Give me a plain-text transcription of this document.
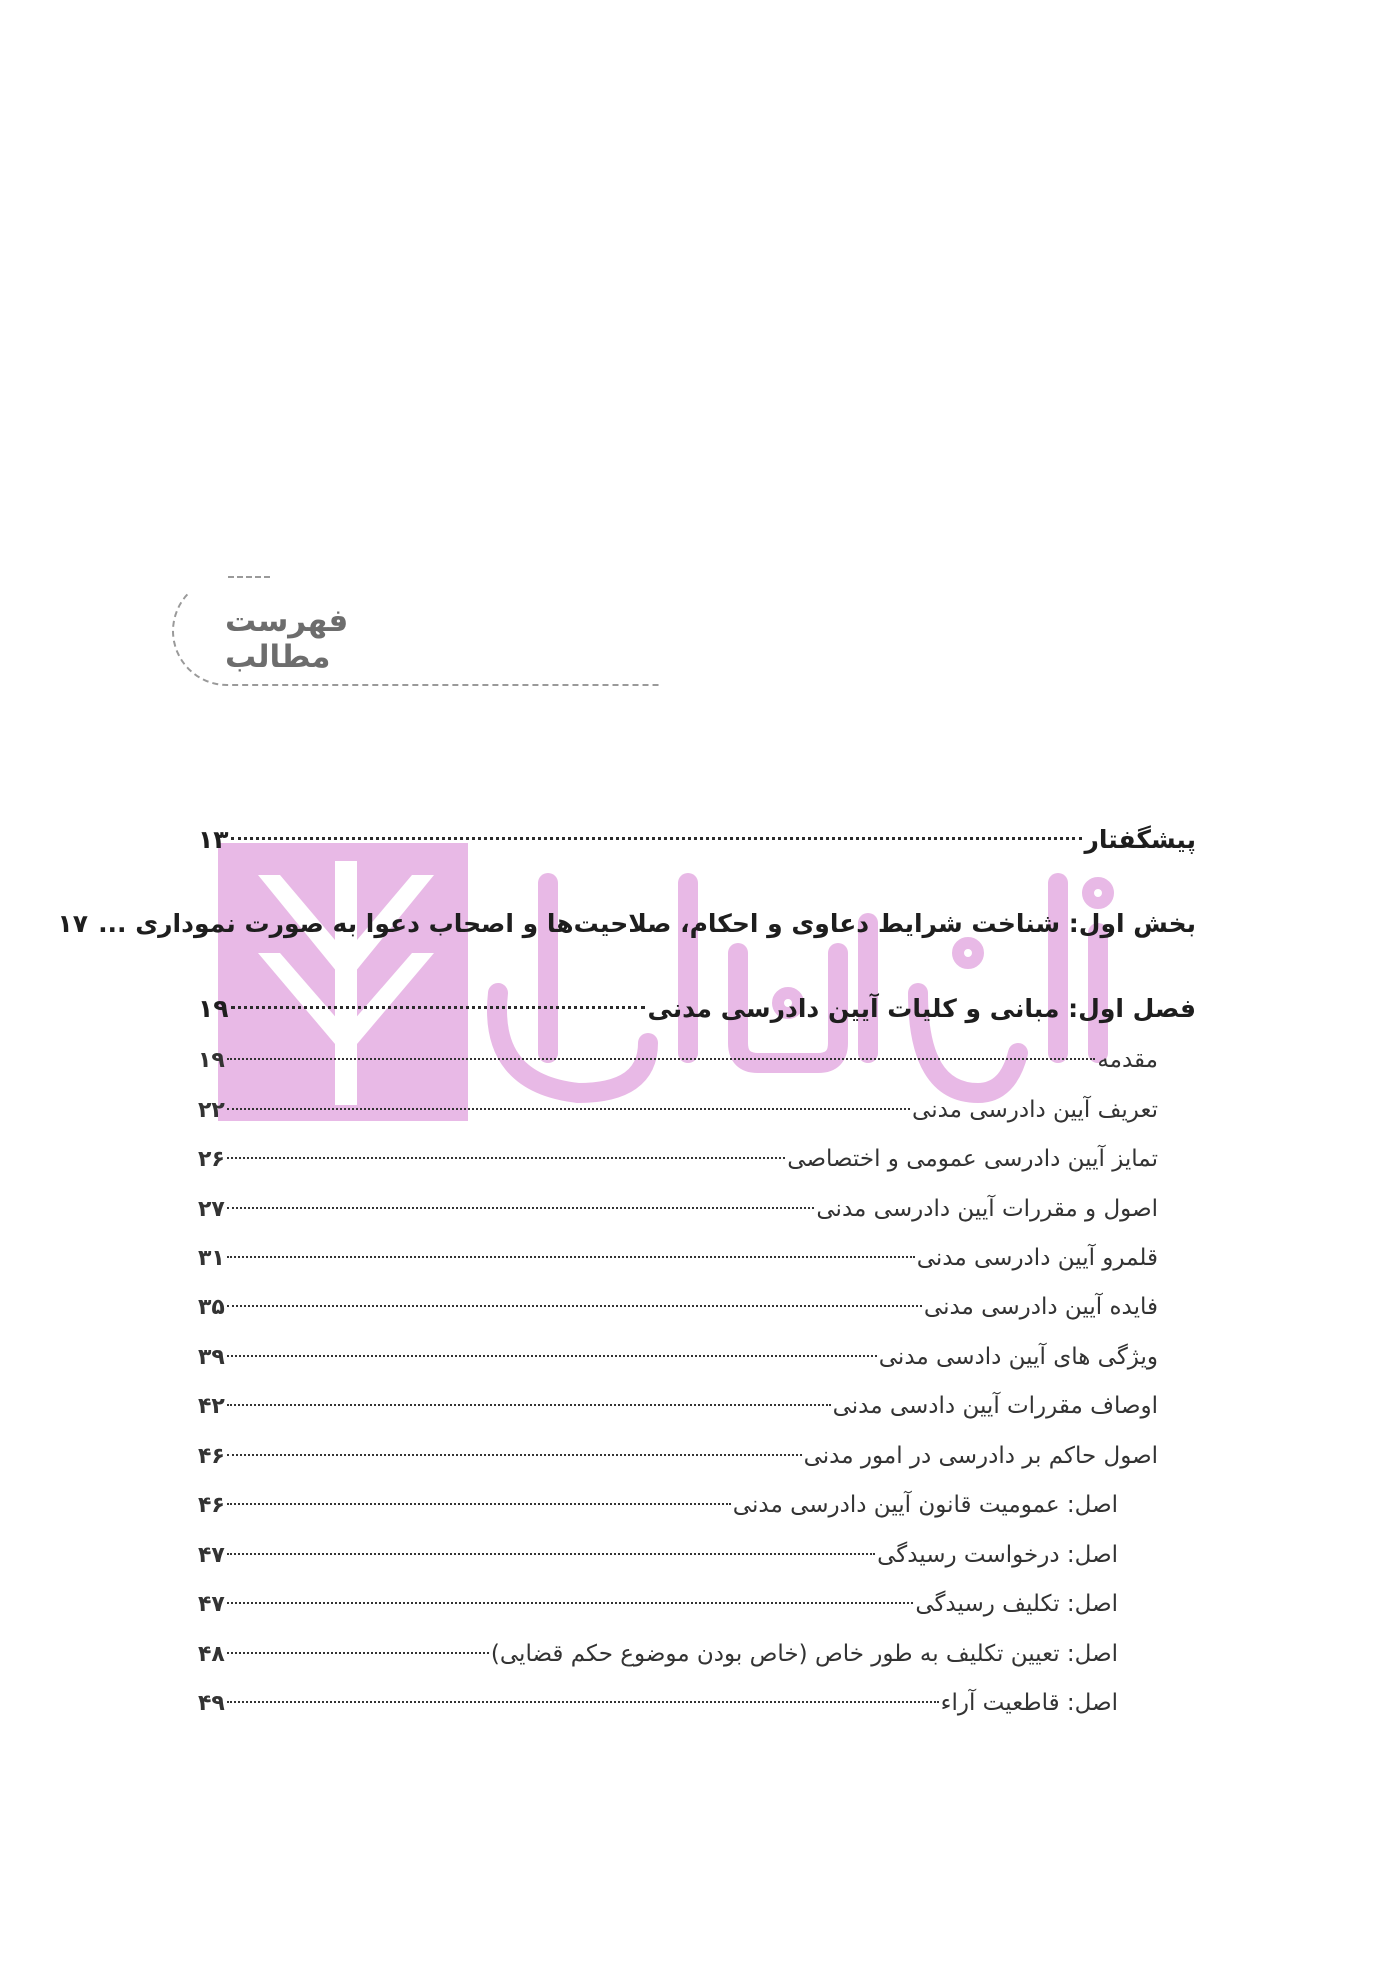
فهرست مطالب
پیشگفتار
۱۳
بخش اول: شناخت شرایط دعاوی و احکام، صلاحیت‌ها و اصحاب دعوا به صورت نموداری ...
۱۷
فصل اول: مبانی و کلیات آیین دادرسی مدنی
۱۹
مقدمه
۱۹
تعریف آیین دادرسی مدنی
۲۲
تمایز آیین دادرسی عمومی و اختصاصی
۲۶
اصول و مقررات آیین دادرسی مدنی
۲۷
قلمرو آیین دادرسی مدنی
۳۱
فایده آیین دادرسی مدنی
۳۵
ویژگی های آیین دادسی مدنی
۳۹
اوصاف مقررات آیین دادسی مدنی
۴۲
اصول حاکم بر دادرسی در امور مدنی
۴۶
اصل: عمومیت قانون آیین دادرسی مدنی
۴۶
اصل: درخواست رسیدگی
۴۷
اصل: تکلیف رسیدگی
۴۷
اصل: تعیین تکلیف به طور خاص (خاص بودن موضوع حکم قضایی)
۴۸
اصل: قاطعیت آراء
۴۹
